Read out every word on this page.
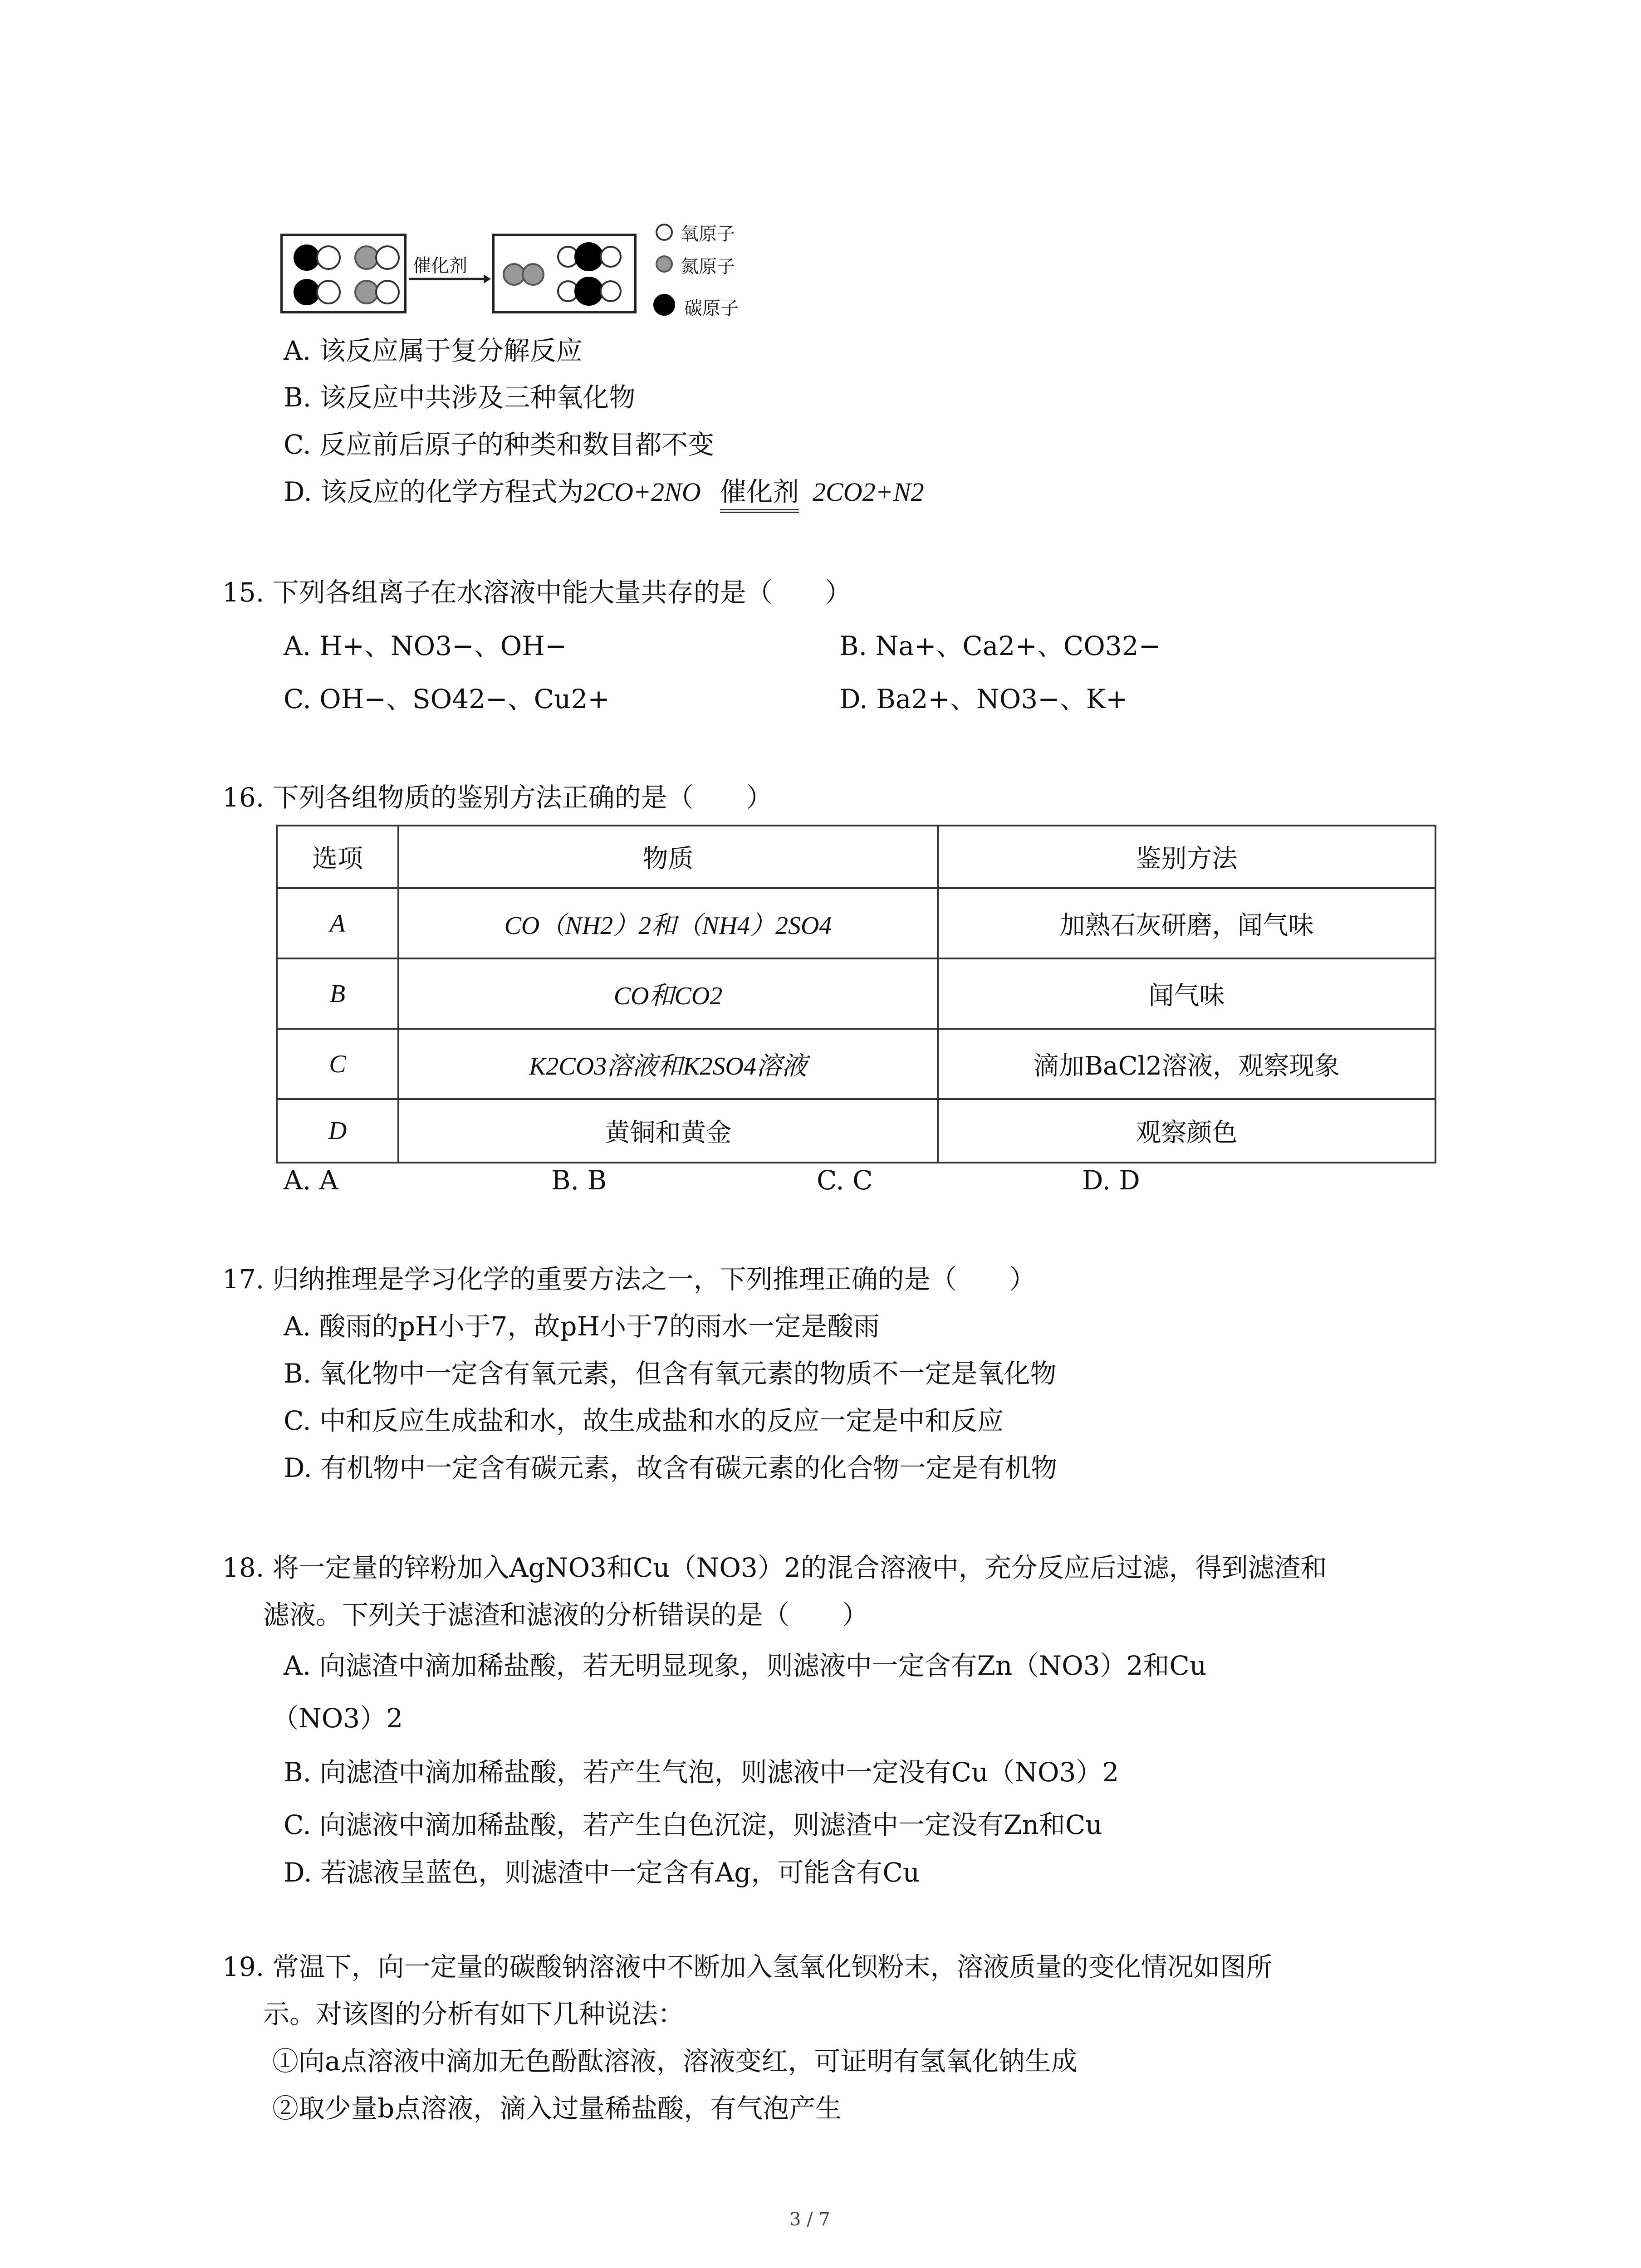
催化剂
氧原子
氮原子
碳原子
A. 该反应属于复分解反应
B. 该反应中共涉及三种氧化物
C. 反应前后原子的种类和数目都不变
D. 该反应的化学方程式为2CO+2NO 催化剂 2CO2+N2
15. 下列各组离子在水溶液中能大量共存的是（　　）
A. H+、NO3−、OH−	B. Na+、Ca2+、CO32−
C. OH−、SO42−、Cu2+	D. Ba2+、NO3−、K+
16. 下列各组物质的鉴别方法正确的是（　　）
选项	物质	鉴别方法
A	CO（NH2）2和（NH4）2SO4	加熟石灰研磨，闻气味
B	CO和CO2	闻气味
C	K2CO3溶液和K2SO4溶液	滴加BaCl2溶液，观察现象
D	黄铜和黄金	观察颜色
A. A	B. B	C. C	D. D
17. 归纳推理是学习化学的重要方法之一，下列推理正确的是（　　）
A. 酸雨的pH小于7，故pH小于7的雨水一定是酸雨
B. 氧化物中一定含有氧元素，但含有氧元素的物质不一定是氧化物
C. 中和反应生成盐和水，故生成盐和水的反应一定是中和反应
D. 有机物中一定含有碳元素，故含有碳元素的化合物一定是有机物
18. 将一定量的锌粉加入AgNO3和Cu（NO3）2的混合溶液中，充分反应后过滤，得到滤渣和
滤液。下列关于滤渣和滤液的分析错误的是（　　）
A. 向滤渣中滴加稀盐酸，若无明显现象，则滤液中一定含有Zn（NO3）2和Cu
（NO3）2
B. 向滤渣中滴加稀盐酸，若产生气泡，则滤液中一定没有Cu（NO3）2
C. 向滤液中滴加稀盐酸，若产生白色沉淀，则滤渣中一定没有Zn和Cu
D. 若滤液呈蓝色，则滤渣中一定含有Ag，可能含有Cu
19. 常温下，向一定量的碳酸钠溶液中不断加入氢氧化钡粉末，溶液质量的变化情况如图所
示。对该图的分析有如下几种说法：
①向a点溶液中滴加无色酚酞溶液，溶液变红，可证明有氢氧化钠生成
②取少量b点溶液，滴入过量稀盐酸，有气泡产生
3 / 7
